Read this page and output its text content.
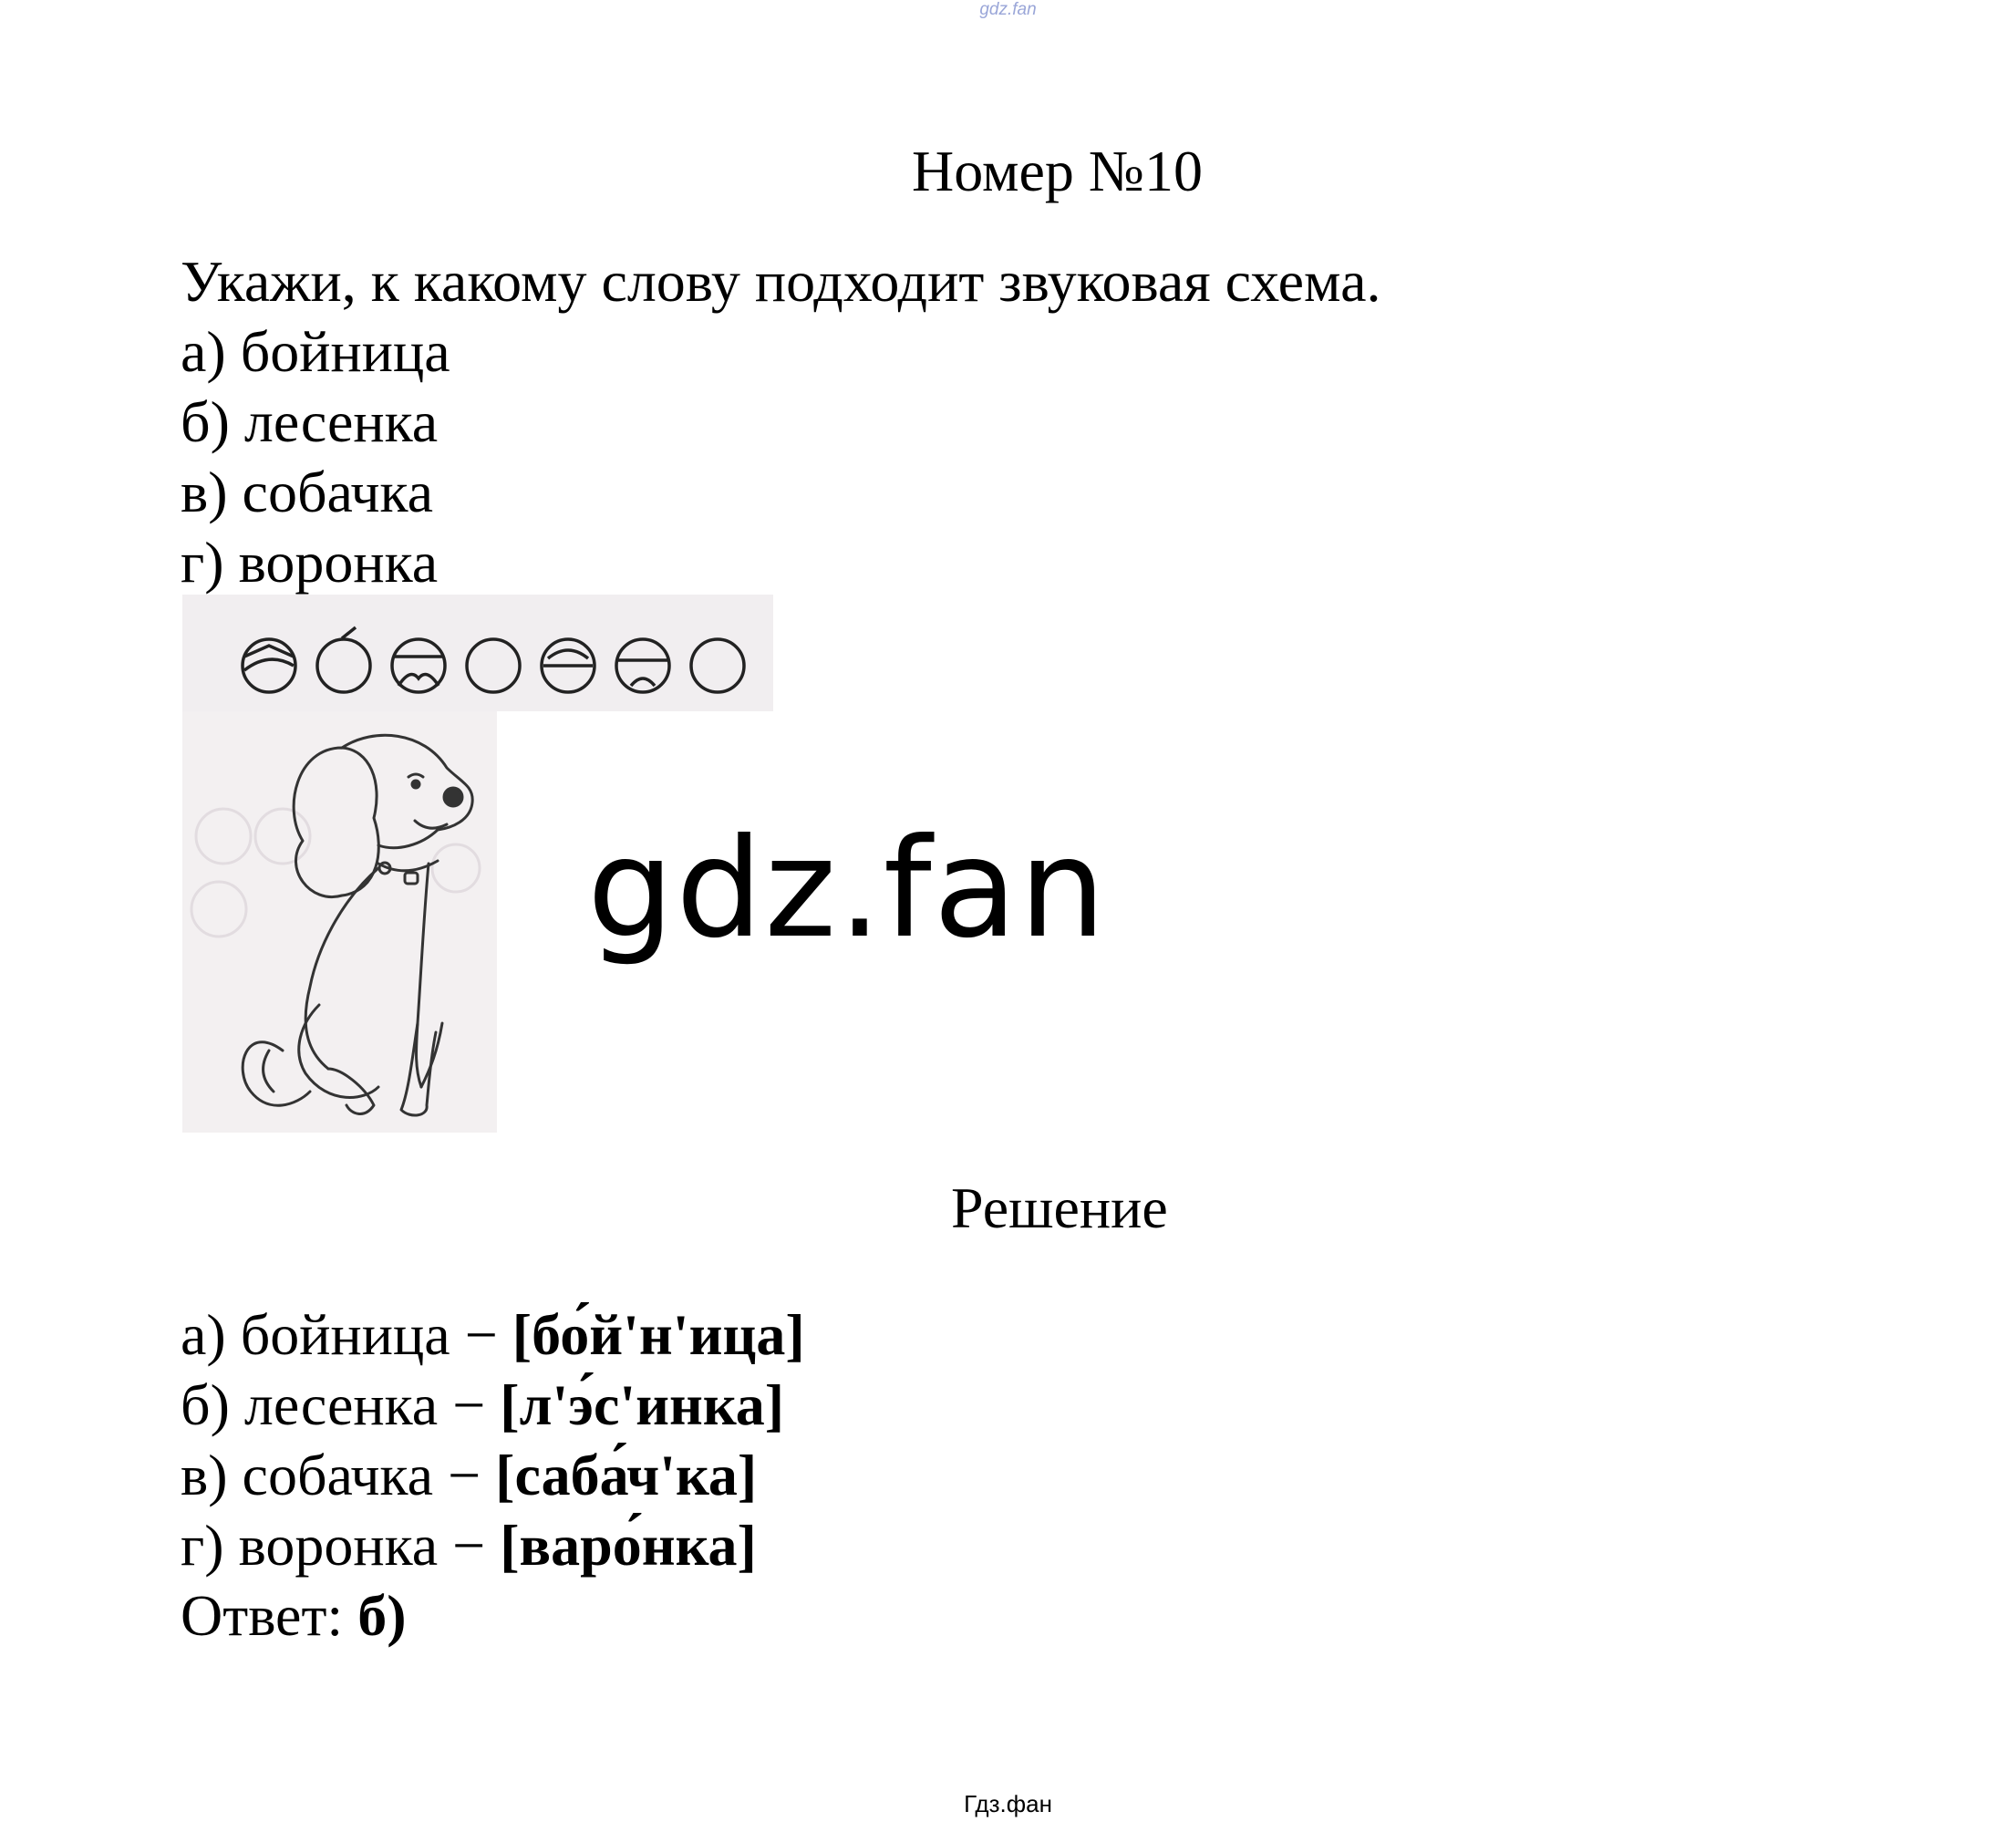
gdz.fan
Номер №10

Укажи, к какому слову подходит звуковая схема.

а) бойница

б) лесенка

в) собачка

г) воронка

gdz.fan
Решение

а) бойница − [бо́й'н'ица]

б) лесенка − [л'э́с'инка]

в) собачка − [саба́ч'ка]

г) воронка − [варо́нка]

Ответ: б)

Гдз.фан
